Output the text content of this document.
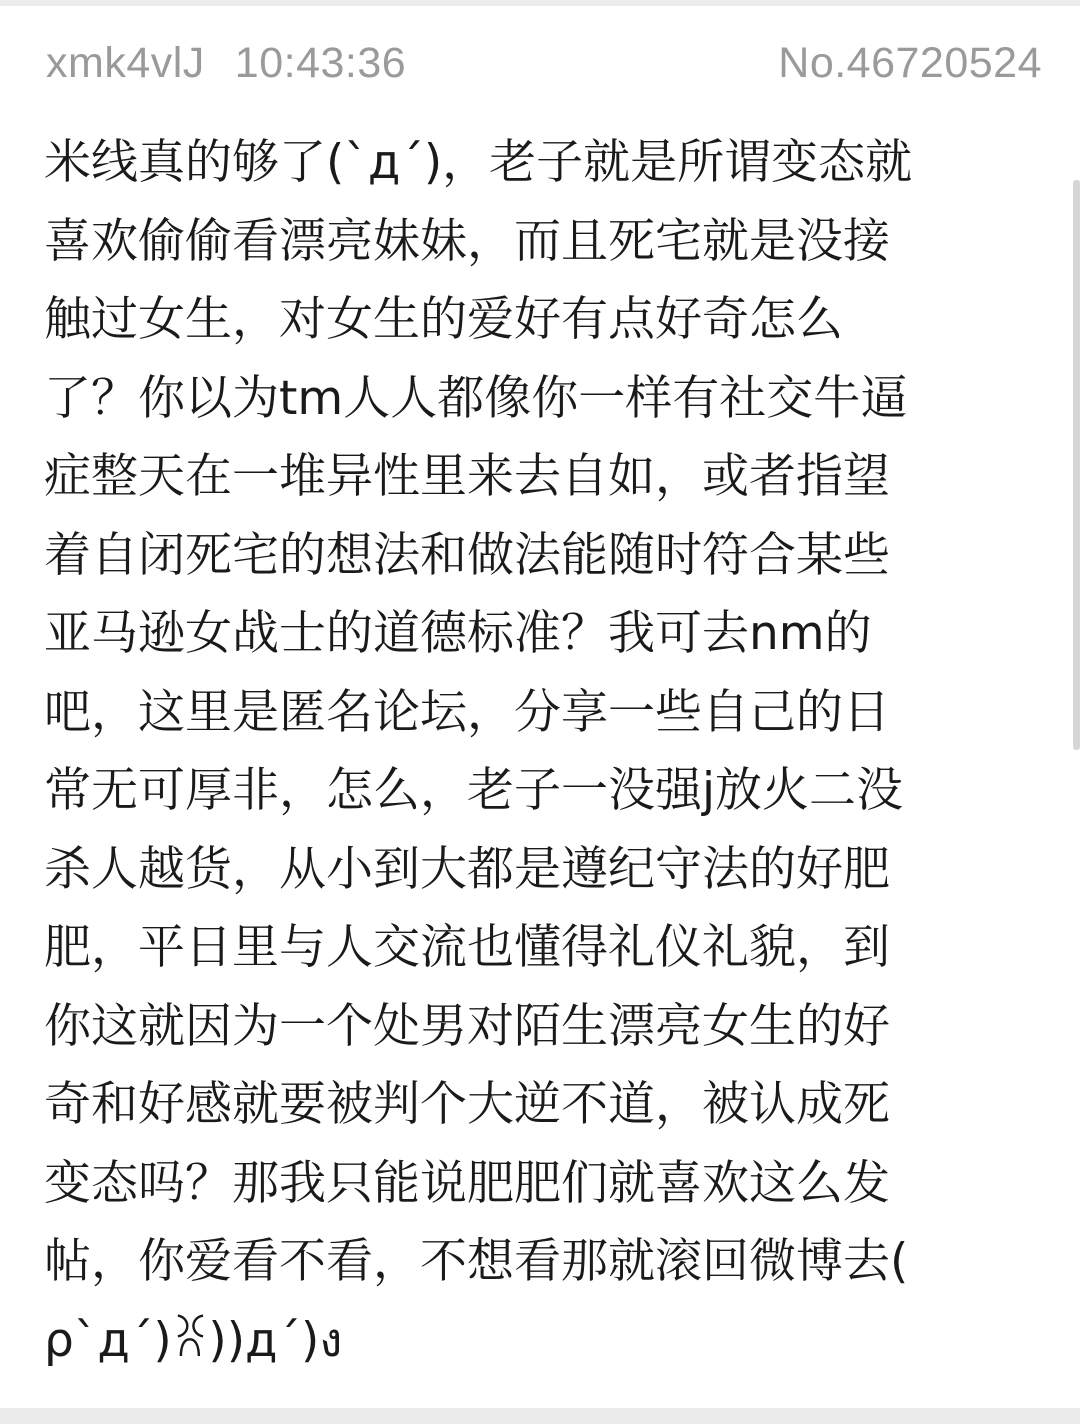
xmk4vlJ 10:43:36	No.46720524
米线真的够了(`д´)，老子就是所谓变态就
喜欢偷偷看漂亮妹妹，而且死宅就是没接
触过女生，对女生的爱好有点好奇怎么
了？你以为tm人人都像你一样有社交牛逼
症整天在一堆异性里来去自如，或者指望
着自闭死宅的想法和做法能随时符合某些
亚马逊女战士的道德标准？我可去nm的
吧，这里是匿名论坛，分享一些自己的日
常无可厚非，怎么，老子一没强j放火二没
杀人越货，从小到大都是遵纪守法的好肥
肥，平日里与人交流也懂得礼仪礼貌，到
你这就因为一个处男对陌生漂亮女生的好
奇和好感就要被判个大逆不道，被认成死
变态吗？那我只能说肥肥们就喜欢这么发
帖，你爱看不看，不想看那就滚回微博去(
ρ`д´)ꐦ))д´)ง
